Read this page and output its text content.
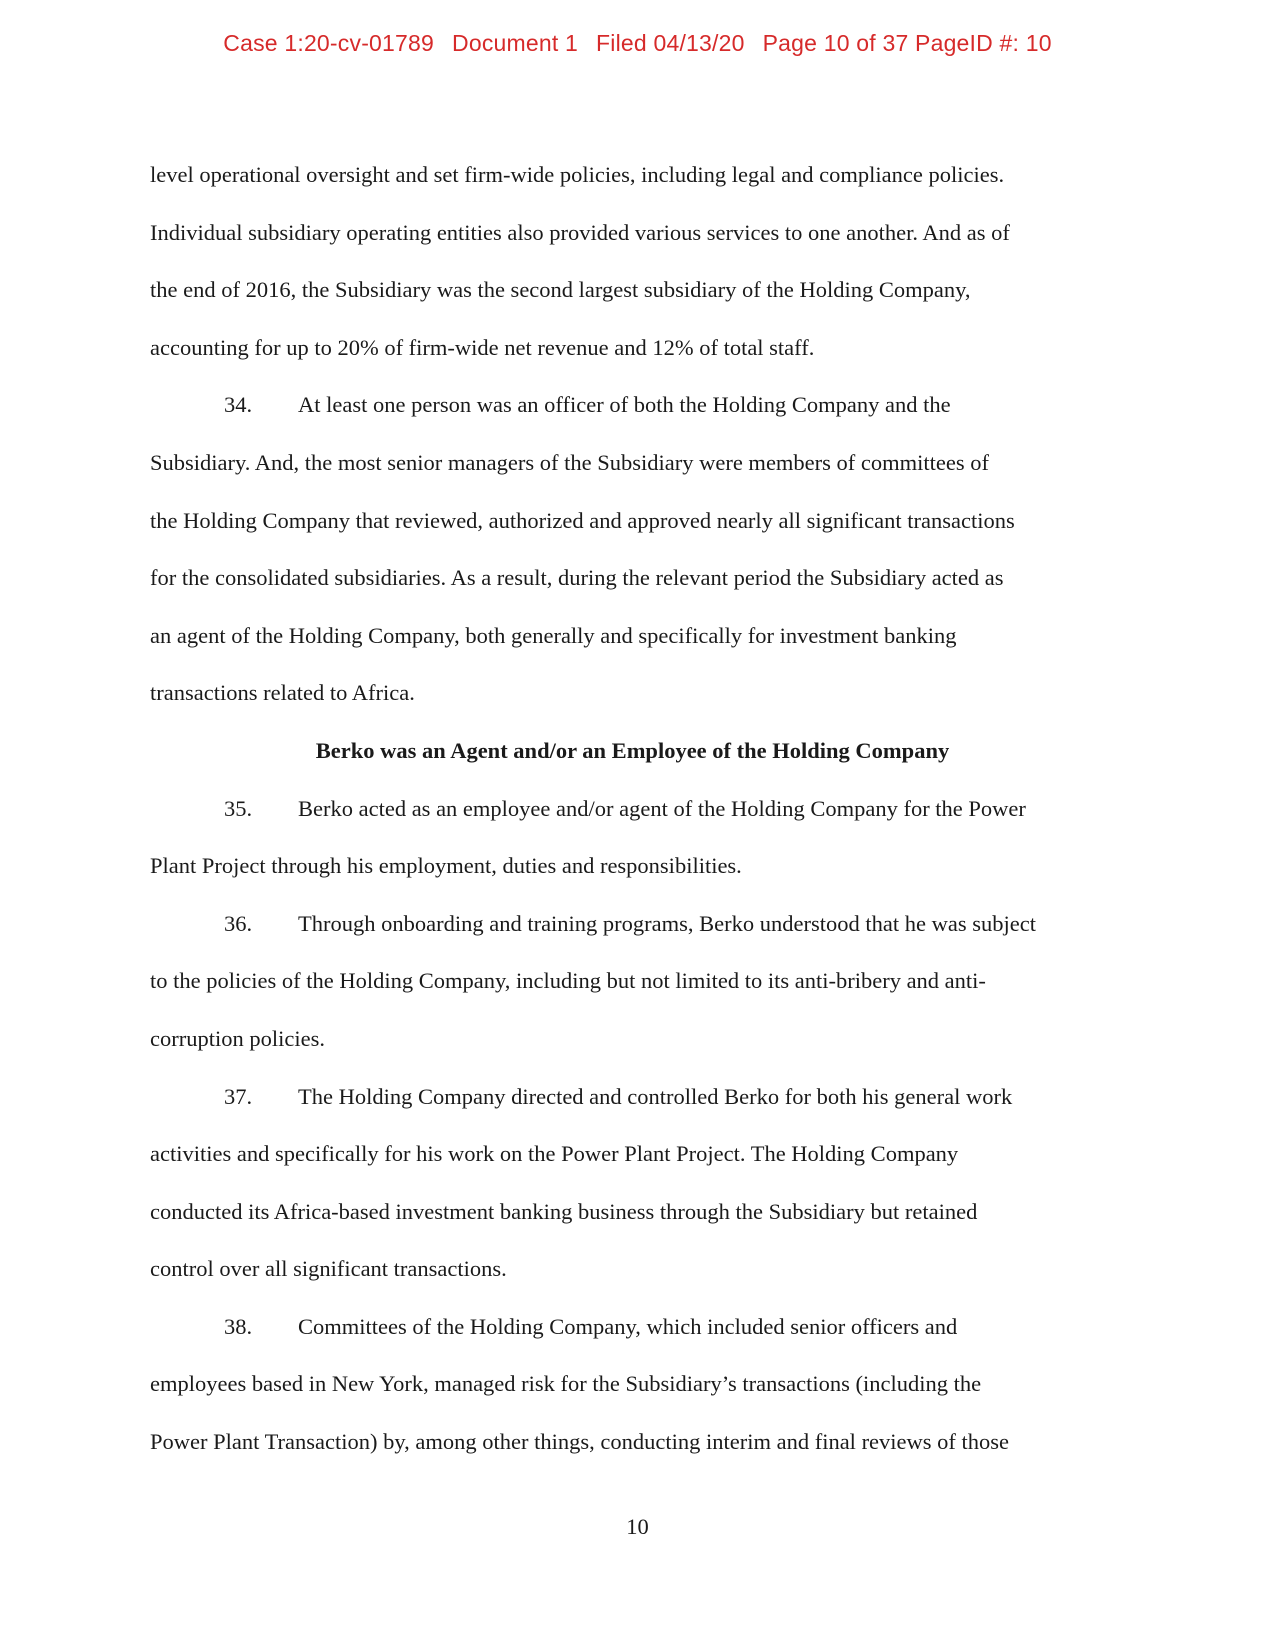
Case 1:20-cv-01789 Document 1 Filed 04/13/20 Page 10 of 37 PageID #: 10

level operational oversight and set firm-wide policies, including legal and compliance policies.

Individual subsidiary operating entities also provided various services to one another. And as of

the end of 2016, the Subsidiary was the second largest subsidiary of the Holding Company,

accounting for up to 20% of firm-wide net revenue and 12% of total staff.

34. At least one person was an officer of both the Holding Company and the

Subsidiary. And, the most senior managers of the Subsidiary were members of committees of

the Holding Company that reviewed, authorized and approved nearly all significant transactions

for the consolidated subsidiaries. As a result, during the relevant period the Subsidiary acted as

an agent of the Holding Company, both generally and specifically for investment banking

transactions related to Africa.

Berko was an Agent and/or an Employee of the Holding Company

35. Berko acted as an employee and/or agent of the Holding Company for the Power

Plant Project through his employment, duties and responsibilities.

36. Through onboarding and training programs, Berko understood that he was subject

to the policies of the Holding Company, including but not limited to its anti-bribery and anti-

corruption policies.

37. The Holding Company directed and controlled Berko for both his general work

activities and specifically for his work on the Power Plant Project. The Holding Company

conducted its Africa-based investment banking business through the Subsidiary but retained

control over all significant transactions.

38. Committees of the Holding Company, which included senior officers and

employees based in New York, managed risk for the Subsidiary’s transactions (including the

Power Plant Transaction) by, among other things, conducting interim and final reviews of those

10
